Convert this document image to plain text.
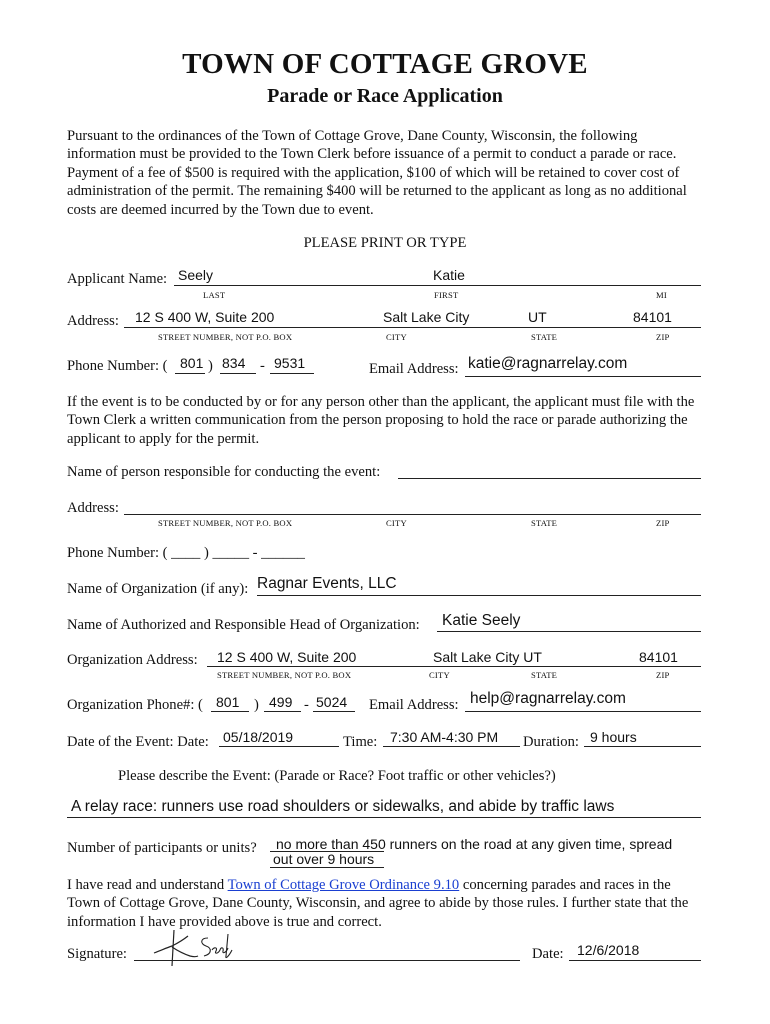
TOWN OF COTTAGE GROVE
Parade or Race Application
Pursuant to the ordinances of the Town of Cottage Grove, Dane County, Wisconsin, the following information must be provided to the Town Clerk before issuance of a permit to conduct a parade or race. Payment of a fee of $500 is required with the application, $100 of which will be retained to cover cost of administration of the permit. The remaining $400 will be returned to the applicant as long as no additional costs are deemed incurred by the Town due to event.
PLEASE PRINT OR TYPE
Applicant Name: Seely	Katie
LAST	FIRST	MI
Address: 12 S 400 W, Suite 200	Salt Lake City	UT	84101
STREET NUMBER, NOT P.O. BOX	CITY	STATE	ZIP
Phone Number: ( 801 ) 834 - 9531	Email Address: katie@ragnarrelay.com
If the event is to be conducted by or for any person other than the applicant, the applicant must file with the Town Clerk a written communication from the person proposing to hold the race or parade authorizing the applicant to apply for the permit.
Name of person responsible for conducting the event:
Address:
STREET NUMBER, NOT P.O. BOX	CITY	STATE	ZIP
Phone Number: ( ____ ) _____ - ______
Name of Organization (if any): Ragnar Events, LLC
Name of Authorized and Responsible Head of Organization: Katie Seely
Organization Address: 12 S 400 W, Suite 200	Salt Lake City UT	84101
STREET NUMBER, NOT P.O. BOX	CITY	STATE	ZIP
Organization Phone#: ( 801 ) 499 - 5024 Email Address: help@ragnarrelay.com
Date of the Event: Date: 05/18/2019	Time: 7:30 AM-4:30 PM Duration: 9 hours
Please describe the Event: (Parade or Race? Foot traffic or other vehicles?)
A relay race: runners use road shoulders or sidewalks, and abide by traffic laws
Number of participants or units? no more than 450 runners on the road at any given time, spread
out over 9 hours
I have read and understand Town of Cottage Grove Ordinance 9.10 concerning parades and races in the Town of Cottage Grove, Dane County, Wisconsin, and agree to abide by those rules. I further state that the information I have provided above is true and correct.
Signature:	Date: 12/6/2018
